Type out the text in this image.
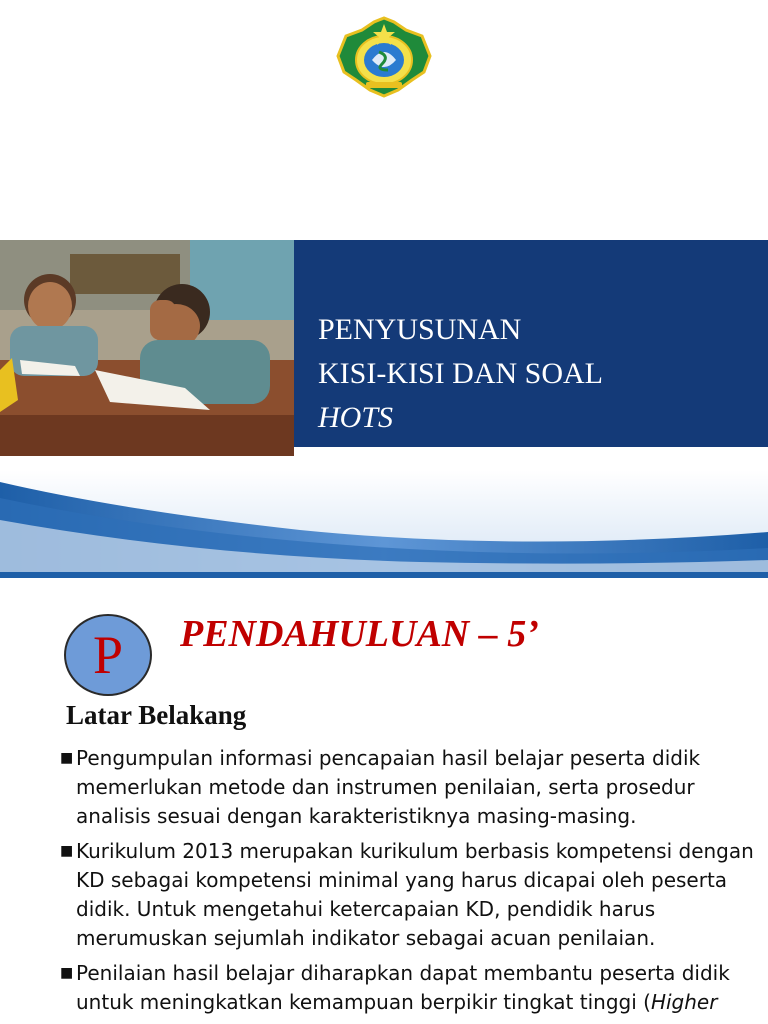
PENYUSUNAN
KISI-KISI DAN SOAL
HOTS
P PENDAHULUAN – 5’
Latar Belakang
■ Pengumpulan informasi pencapaian hasil belajar peserta didik memerlukan metode dan instrumen penilaian, serta prosedur analisis sesuai dengan karakteristiknya masing-masing.
■ Kurikulum 2013 merupakan kurikulum berbasis kompetensi dengan KD sebagai kompetensi minimal yang harus dicapai oleh peserta didik. Untuk mengetahui ketercapaian KD, pendidik harus merumuskan sejumlah indikator sebagai acuan penilaian.
■ Penilaian hasil belajar diharapkan dapat membantu peserta didik untuk meningkatkan kemampuan berpikir tingkat tinggi (Higher
